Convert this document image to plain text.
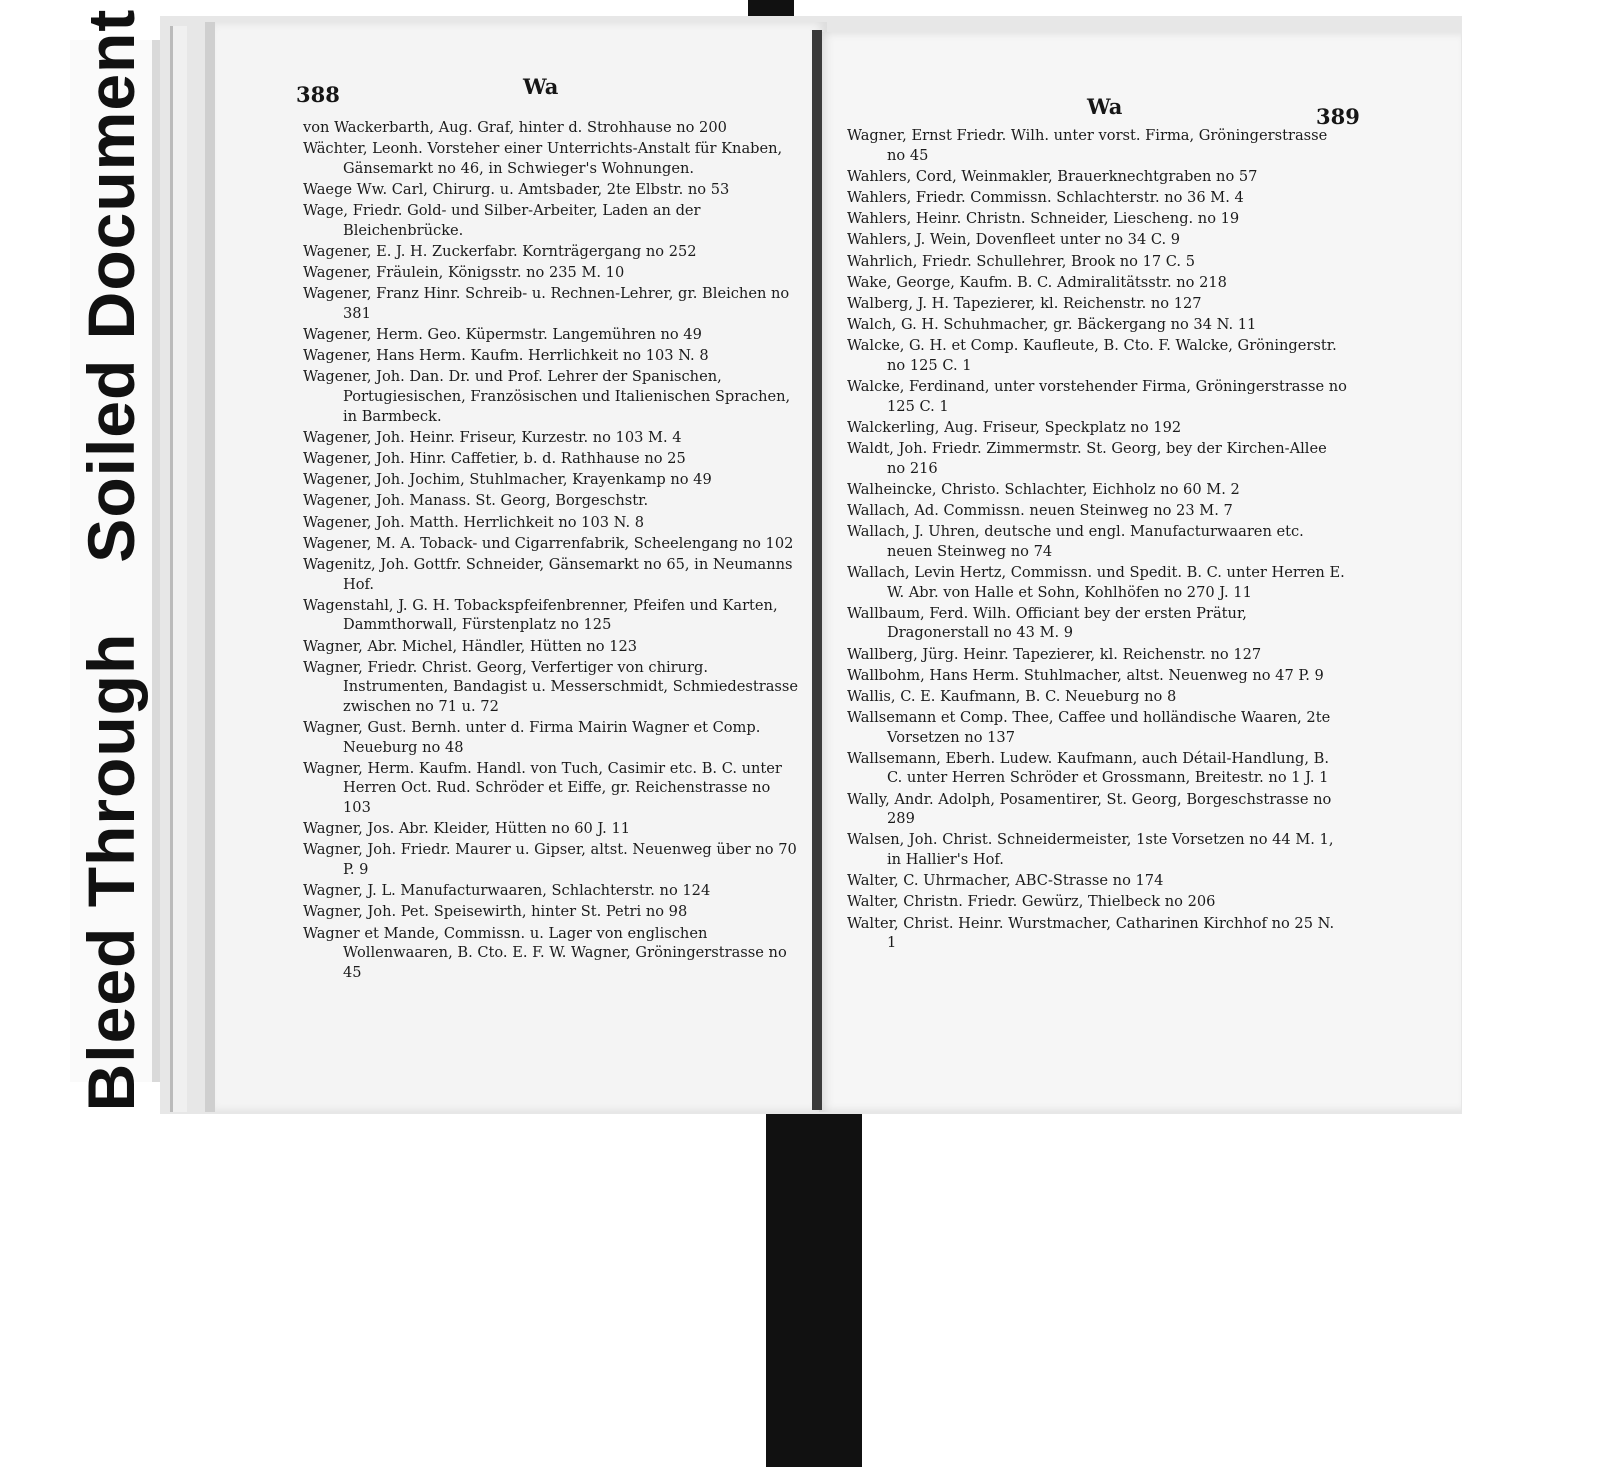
Bleed ThroughSoiled Document	388	Wa
Wa	389
von Wackerbarth, Aug. Graf, hinter d. Strohhause no 200
Wächter, Leonh. Vorsteher einer Unterrichts-Anstalt für Knaben, Gänsemarkt no 46, in Schwieger's Wohnungen.
Waege Ww. Carl, Chirurg. u. Amtsbader, 2te Elbstr. no 53
Wage, Friedr. Gold- und Silber-Arbeiter, Laden an der Bleichenbrücke.
Wagener, E. J. H. Zuckerfabr. Kornträgergang no 252
Wagener, Fräulein, Königsstr. no 235 M. 10
Wagener, Franz Hinr. Schreib- u. Rechnen-Lehrer, gr. Bleichen no 381
Wagener, Herm. Geo. Küpermstr. Langemühren no 49
Wagener, Hans Herm. Kaufm. Herrlichkeit no 103 N. 8
Wagener, Joh. Dan. Dr. und Prof. Lehrer der Spanischen, Portugiesischen, Französischen und Italienischen Sprachen, in Barmbeck.
Wagener, Joh. Heinr. Friseur, Kurzestr. no 103 M. 4
Wagener, Joh. Hinr. Caffetier, b. d. Rathhause no 25
Wagener, Joh. Jochim, Stuhlmacher, Krayenkamp no 49
Wagener, Joh. Manass. St. Georg, Borgeschstr.
Wagener, Joh. Matth. Herrlichkeit no 103 N. 8
Wagener, M. A. Toback- und Cigarrenfabrik, Scheelengang no 102
Wagenitz, Joh. Gottfr. Schneider, Gänsemarkt no 65, in Neumanns Hof.
Wagenstahl, J. G. H. Tobackspfeifenbrenner, Pfeifen und Karten, Dammthorwall, Fürstenplatz no 125
Wagner, Abr. Michel, Händler, Hütten no 123
Wagner, Friedr. Christ. Georg, Verfertiger von chirurg. Instrumenten, Bandagist u. Messerschmidt, Schmiedestrasse zwischen no 71 u. 72
Wagner, Gust. Bernh. unter d. Firma Mairin Wagner et Comp. Neueburg no 48
Wagner, Herm. Kaufm. Handl. von Tuch, Casimir etc. B. C. unter Herren Oct. Rud. Schröder et Eiffe, gr. Reichenstrasse no 103
Wagner, Jos. Abr. Kleider, Hütten no 60 J. 11
Wagner, Joh. Friedr. Maurer u. Gipser, altst. Neuenweg über no 70 P. 9
Wagner, J. L. Manufacturwaaren, Schlachterstr. no 124
Wagner, Joh. Pet. Speisewirth, hinter St. Petri no 98
Wagner et Mande, Commissn. u. Lager von englischen Wollenwaaren, B. Cto. E. F. W. Wagner, Gröningerstrasse no 45
Wagner, Ernst Friedr. Wilh. unter vorst. Firma, Gröningerstrasse no 45
Wahlers, Cord, Weinmakler, Brauerknechtgraben no 57
Wahlers, Friedr. Commissn. Schlachterstr. no 36 M. 4
Wahlers, Heinr. Christn. Schneider, Liescheng. no 19
Wahlers, J. Wein, Dovenfleet unter no 34 C. 9
Wahrlich, Friedr. Schullehrer, Brook no 17 C. 5
Wake, George, Kaufm. B. C. Admiralitätsstr. no 218
Walberg, J. H. Tapezierer, kl. Reichenstr. no 127
Walch, G. H. Schuhmacher, gr. Bäckergang no 34 N. 11
Walcke, G. H. et Comp. Kaufleute, B. Cto. F. Walcke, Gröningerstr. no 125 C. 1
Walcke, Ferdinand, unter vorstehender Firma, Gröningerstrasse no 125 C. 1
Walckerling, Aug. Friseur, Speckplatz no 192
Waldt, Joh. Friedr. Zimmermstr. St. Georg, bey der Kirchen-Allee no 216
Walheincke, Christo. Schlachter, Eichholz no 60 M. 2
Wallach, Ad. Commissn. neuen Steinweg no 23 M. 7
Wallach, J. Uhren, deutsche und engl. Manufacturwaaren etc. neuen Steinweg no 74
Wallach, Levin Hertz, Commissn. und Spedit. B. C. unter Herren E. W. Abr. von Halle et Sohn, Kohlhöfen no 270 J. 11
Wallbaum, Ferd. Wilh. Officiant bey der ersten Prätur, Dragonerstall no 43 M. 9
Wallberg, Jürg. Heinr. Tapezierer, kl. Reichenstr. no 127
Wallbohm, Hans Herm. Stuhlmacher, altst. Neuenweg no 47 P. 9
Wallis, C. E. Kaufmann, B. C. Neueburg no 8
Wallsemann et Comp. Thee, Caffee und holländische Waaren, 2te Vorsetzen no 137
Wallsemann, Eberh. Ludew. Kaufmann, auch Détail-Handlung, B. C. unter Herren Schröder et Grossmann, Breitestr. no 1 J. 1
Wally, Andr. Adolph, Posamentirer, St. Georg, Borgeschstrasse no 289
Walsen, Joh. Christ. Schneidermeister, 1ste Vorsetzen no 44 M. 1, in Hallier's Hof.
Walter, C. Uhrmacher, ABC-Strasse no 174
Walter, Christn. Friedr. Gewürz, Thielbeck no 206
Walter, Christ. Heinr. Wurstmacher, Catharinen Kirchhof no 25 N. 1
